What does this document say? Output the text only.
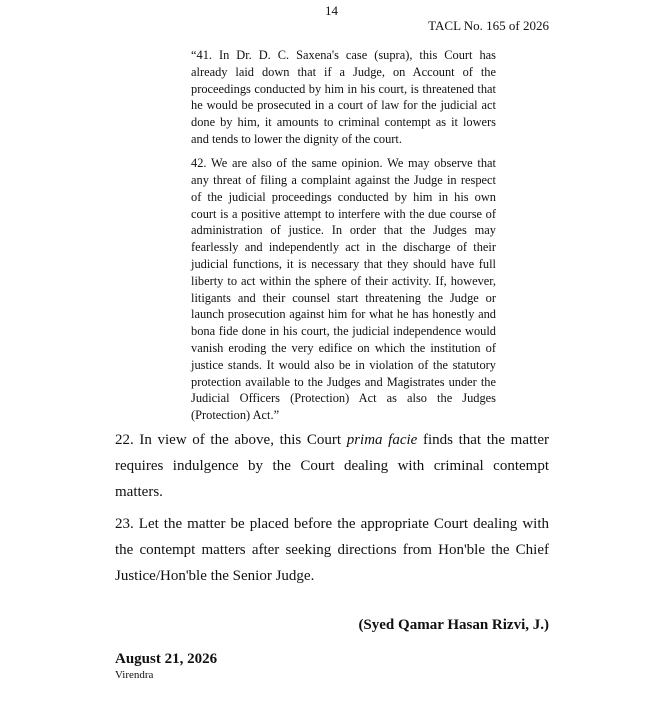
14
TACL No. 165 of 2026

“41. In Dr. D. C. Saxena's case (supra), this Court has already laid down that if a Judge, on Account of the proceedings conducted by him in his court, is threatened that he would be prosecuted in a court of law for the judicial act done by him, it amounts to criminal contempt as it lowers and tends to lower the dignity of the court.

42. We are also of the same opinion. We may observe that any threat of filing a complaint against the Judge in respect of the judicial proceedings conducted by him in his own court is a positive attempt to interfere with the due course of administration of justice. In order that the Judges may fearlessly and independently act in the discharge of their judicial functions, it is necessary that they should have full liberty to act within the sphere of their activity. If, however, litigants and their counsel start threatening the Judge or launch prosecution against him for what he has honestly and bona fide done in his court, the judicial independence would vanish eroding the very edifice on which the institution of justice stands. It would also be in violation of the statutory protection available to the Judges and Magistrates under the Judicial Officers (Protection) Act as also the Judges (Protection) Act.”

22. In view of the above, this Court prima facie finds that the matter requires indulgence by the Court dealing with criminal contempt matters.

23. Let the matter be placed before the appropriate Court dealing with the contempt matters after seeking directions from Hon'ble the Chief Justice/Hon'ble the Senior Judge.

(Syed Qamar Hasan Rizvi, J.)
August 21, 2026
Virendra
